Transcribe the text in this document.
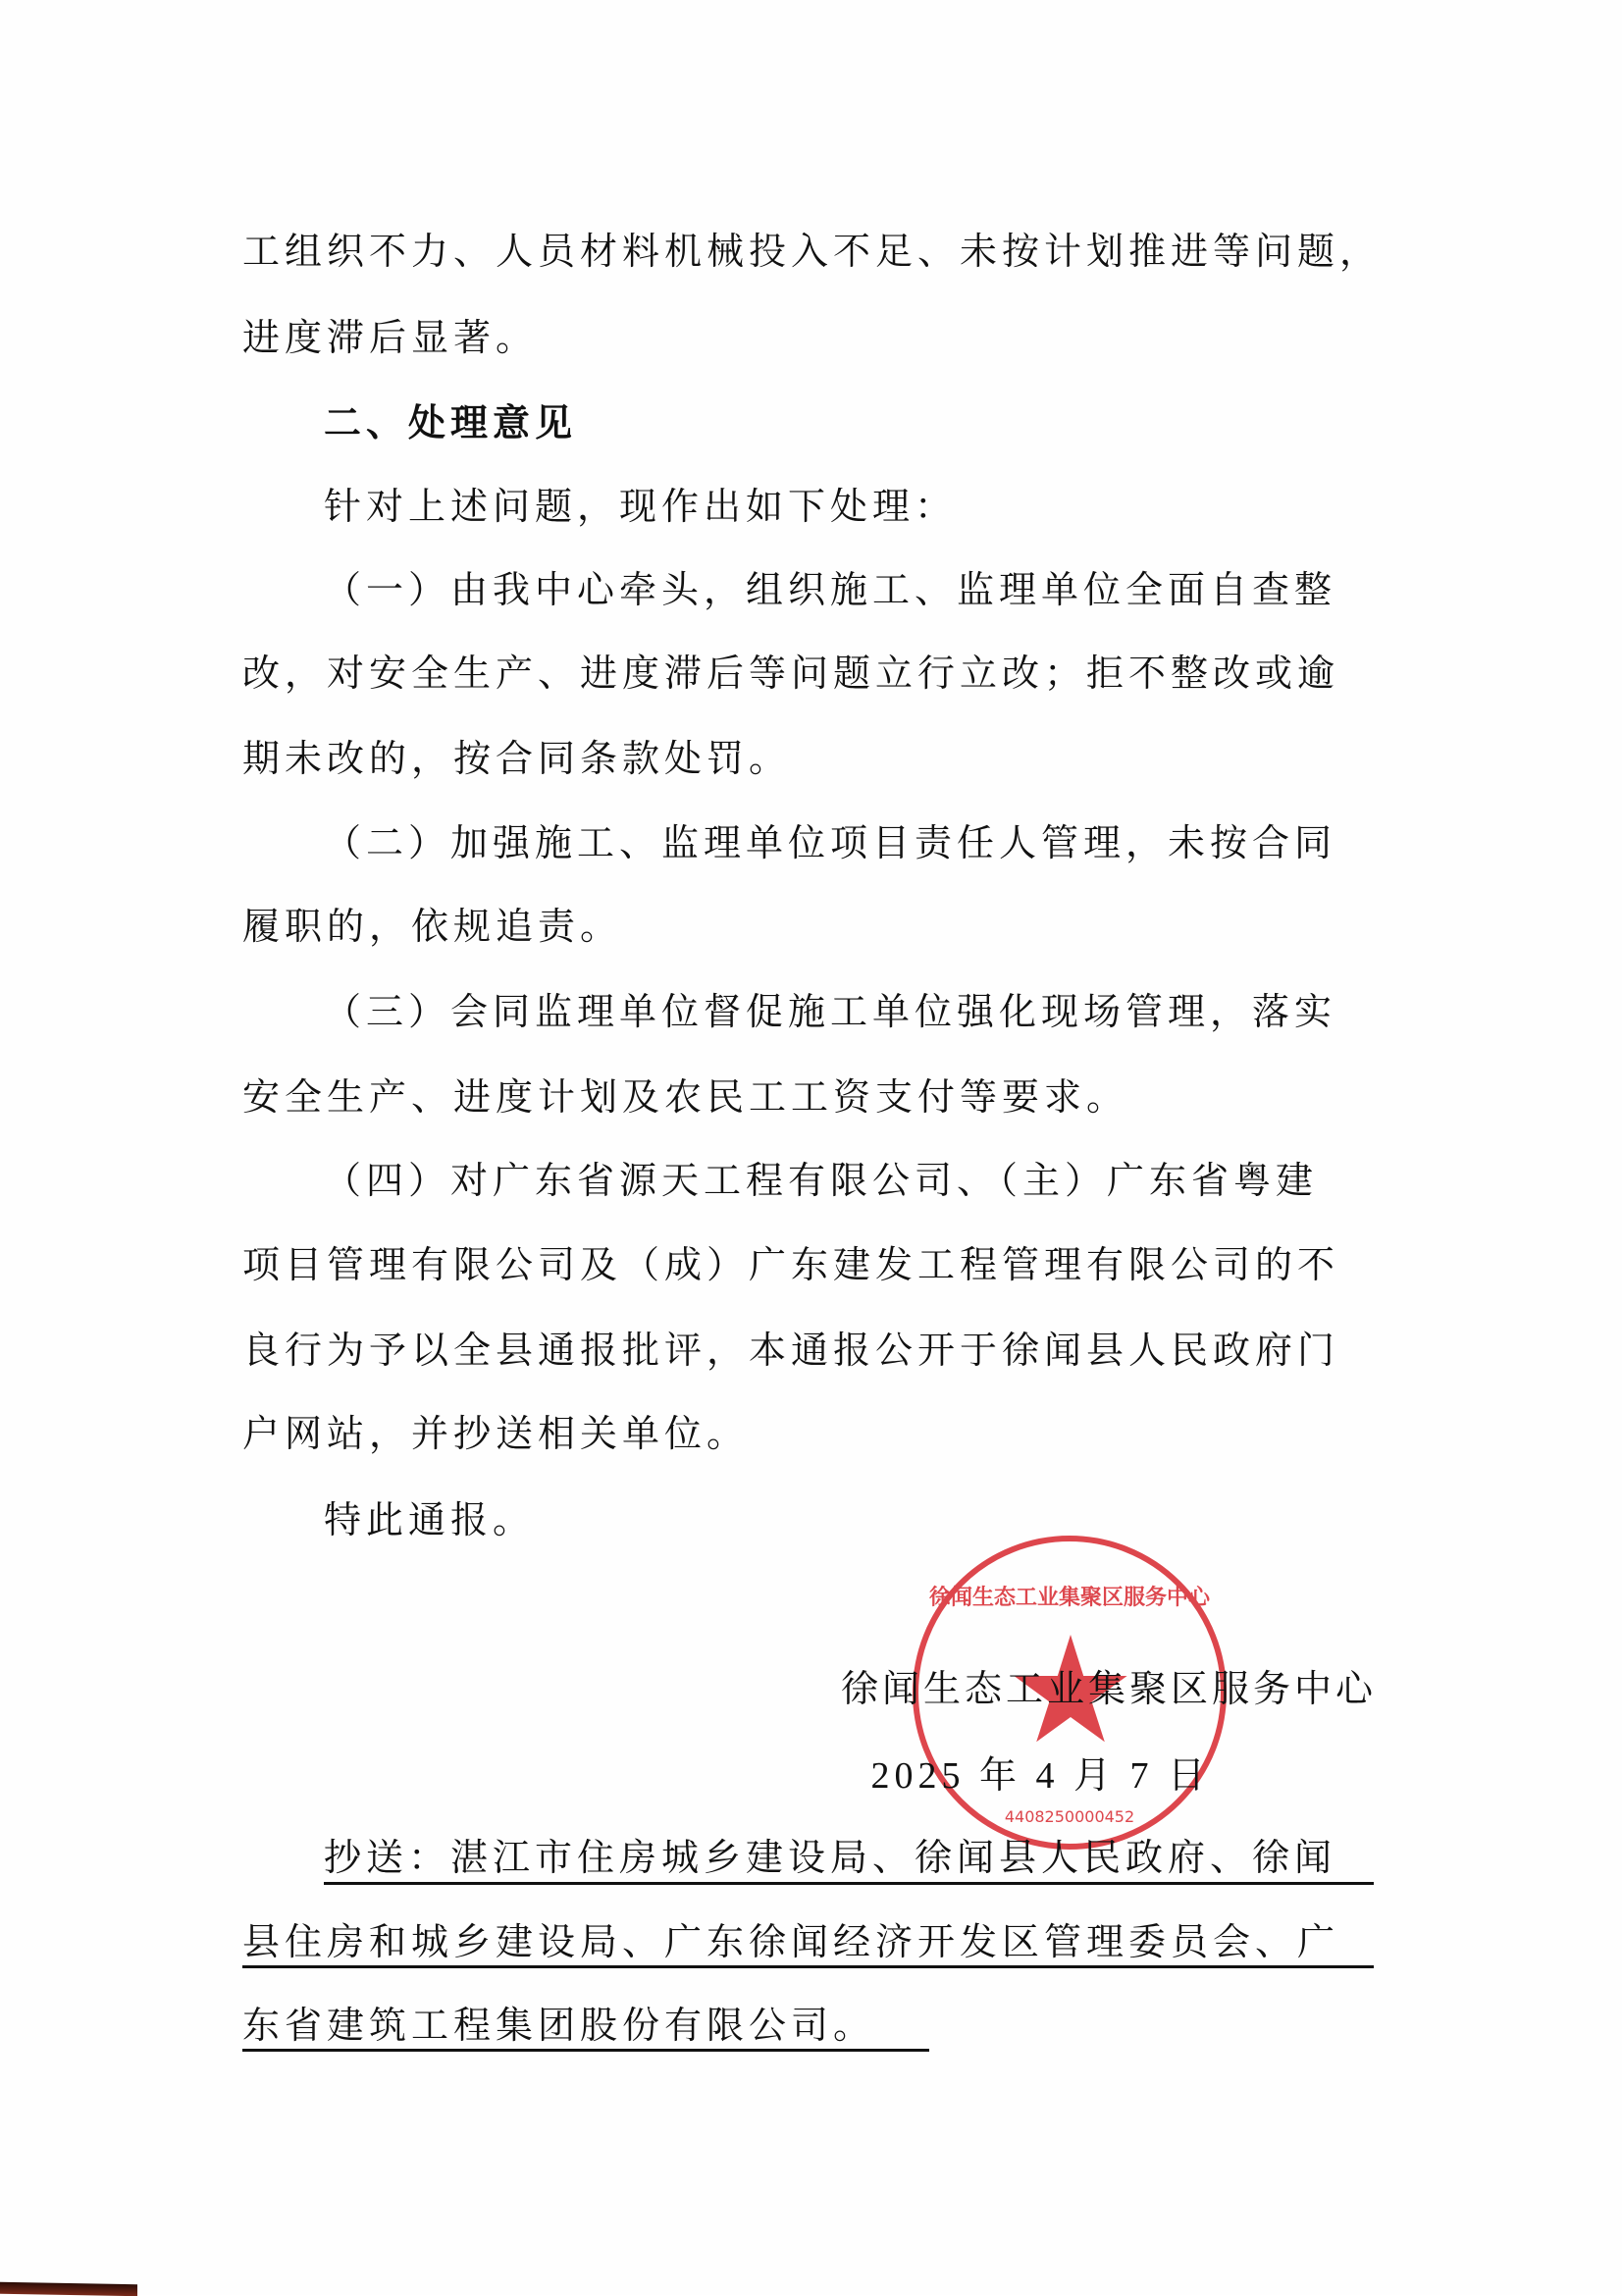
工组织不力、人员材料机械投入不足、未按计划推进等问题，
进度滞后显著。
二、处理意见
针对上述问题，现作出如下处理：
（一）由我中心牵头，组织施工、监理单位全面自查整
改，对安全生产、进度滞后等问题立行立改；拒不整改或逾
期未改的，按合同条款处罚。
（二）加强施工、监理单位项目责任人管理，未按合同
履职的，依规追责。
（三）会同监理单位督促施工单位强化现场管理，落实
安全生产、进度计划及农民工工资支付等要求。
（四）对广东省源天工程有限公司、（主）广东省粤建
项目管理有限公司及（成）广东建发工程管理有限公司的不
良行为予以全县通报批评，本通报公开于徐闻县人民政府门
户网站，并抄送相关单位。
特此通报。
徐闻生态工业集聚区服务中心
4408250000452
徐闻生态工业集聚区服务中心
2025 年 4 月 7 日
抄送：湛江市住房城乡建设局、徐闻县人民政府、徐闻
县住房和城乡建设局、广东徐闻经济开发区管理委员会、广
东省建筑工程集团股份有限公司。
